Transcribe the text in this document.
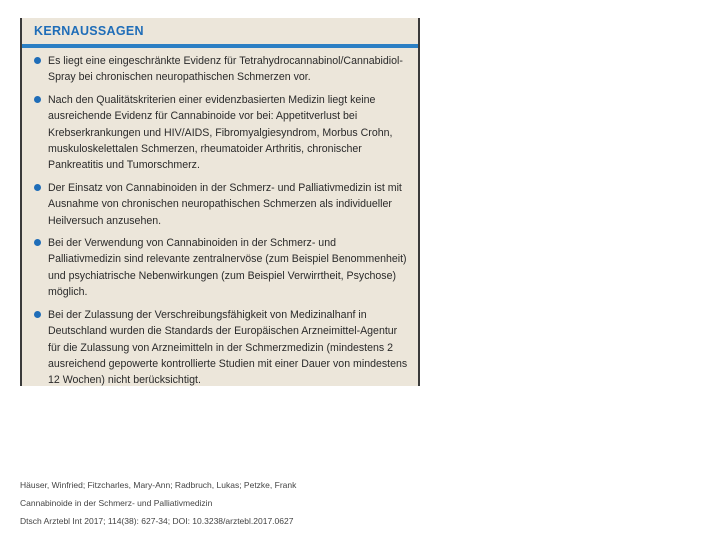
KERNAUSSAGEN
Es liegt eine eingeschränkte Evidenz für Tetrahydrocannabinol/Cannabidiol-Spray bei chronischen neuropathischen Schmerzen vor.
Nach den Qualitätskriterien einer evidenzbasierten Medizin liegt keine ausreichende Evidenz für Cannabinoide vor bei: Appetitverlust bei Krebserkrankungen und HIV/AIDS, Fibromyalgiesyndrom, Morbus Crohn, muskuloskelettalen Schmerzen, rheumatoider Arthritis, chronischer Pankreatitis und Tumorschmerz.
Der Einsatz von Cannabinoiden in der Schmerz- und Palliativmedizin ist mit Ausnahme von chronischen neuropathischen Schmerzen als individueller Heilversuch anzusehen.
Bei der Verwendung von Cannabinoiden in der Schmerz- und Palliativmedizin sind relevante zentralnervöse (zum Beispiel Benommenheit) und psychiatrische Nebenwirkungen (zum Beispiel Verwirrtheit, Psychose) möglich.
Bei der Zulassung der Verschreibungsfähigkeit von Medizinalhanf in Deutschland wurden die Standards der Europäischen Arzneimittel-Agentur für die Zulassung von Arzneimitteln in der Schmerzmedizin (mindestens 2 ausreichend gepowerte kontrollierte Studien mit einer Dauer von mindestens 12 Wochen) nicht berücksichtigt.
Häuser, Winfried; Fitzcharles, Mary-Ann; Radbruch, Lukas; Petzke, Frank
Cannabinoide in der Schmerz- und Palliativmedizin
Dtsch Arztebl Int 2017; 114(38): 627-34; DOI: 10.3238/arztebl.2017.0627
